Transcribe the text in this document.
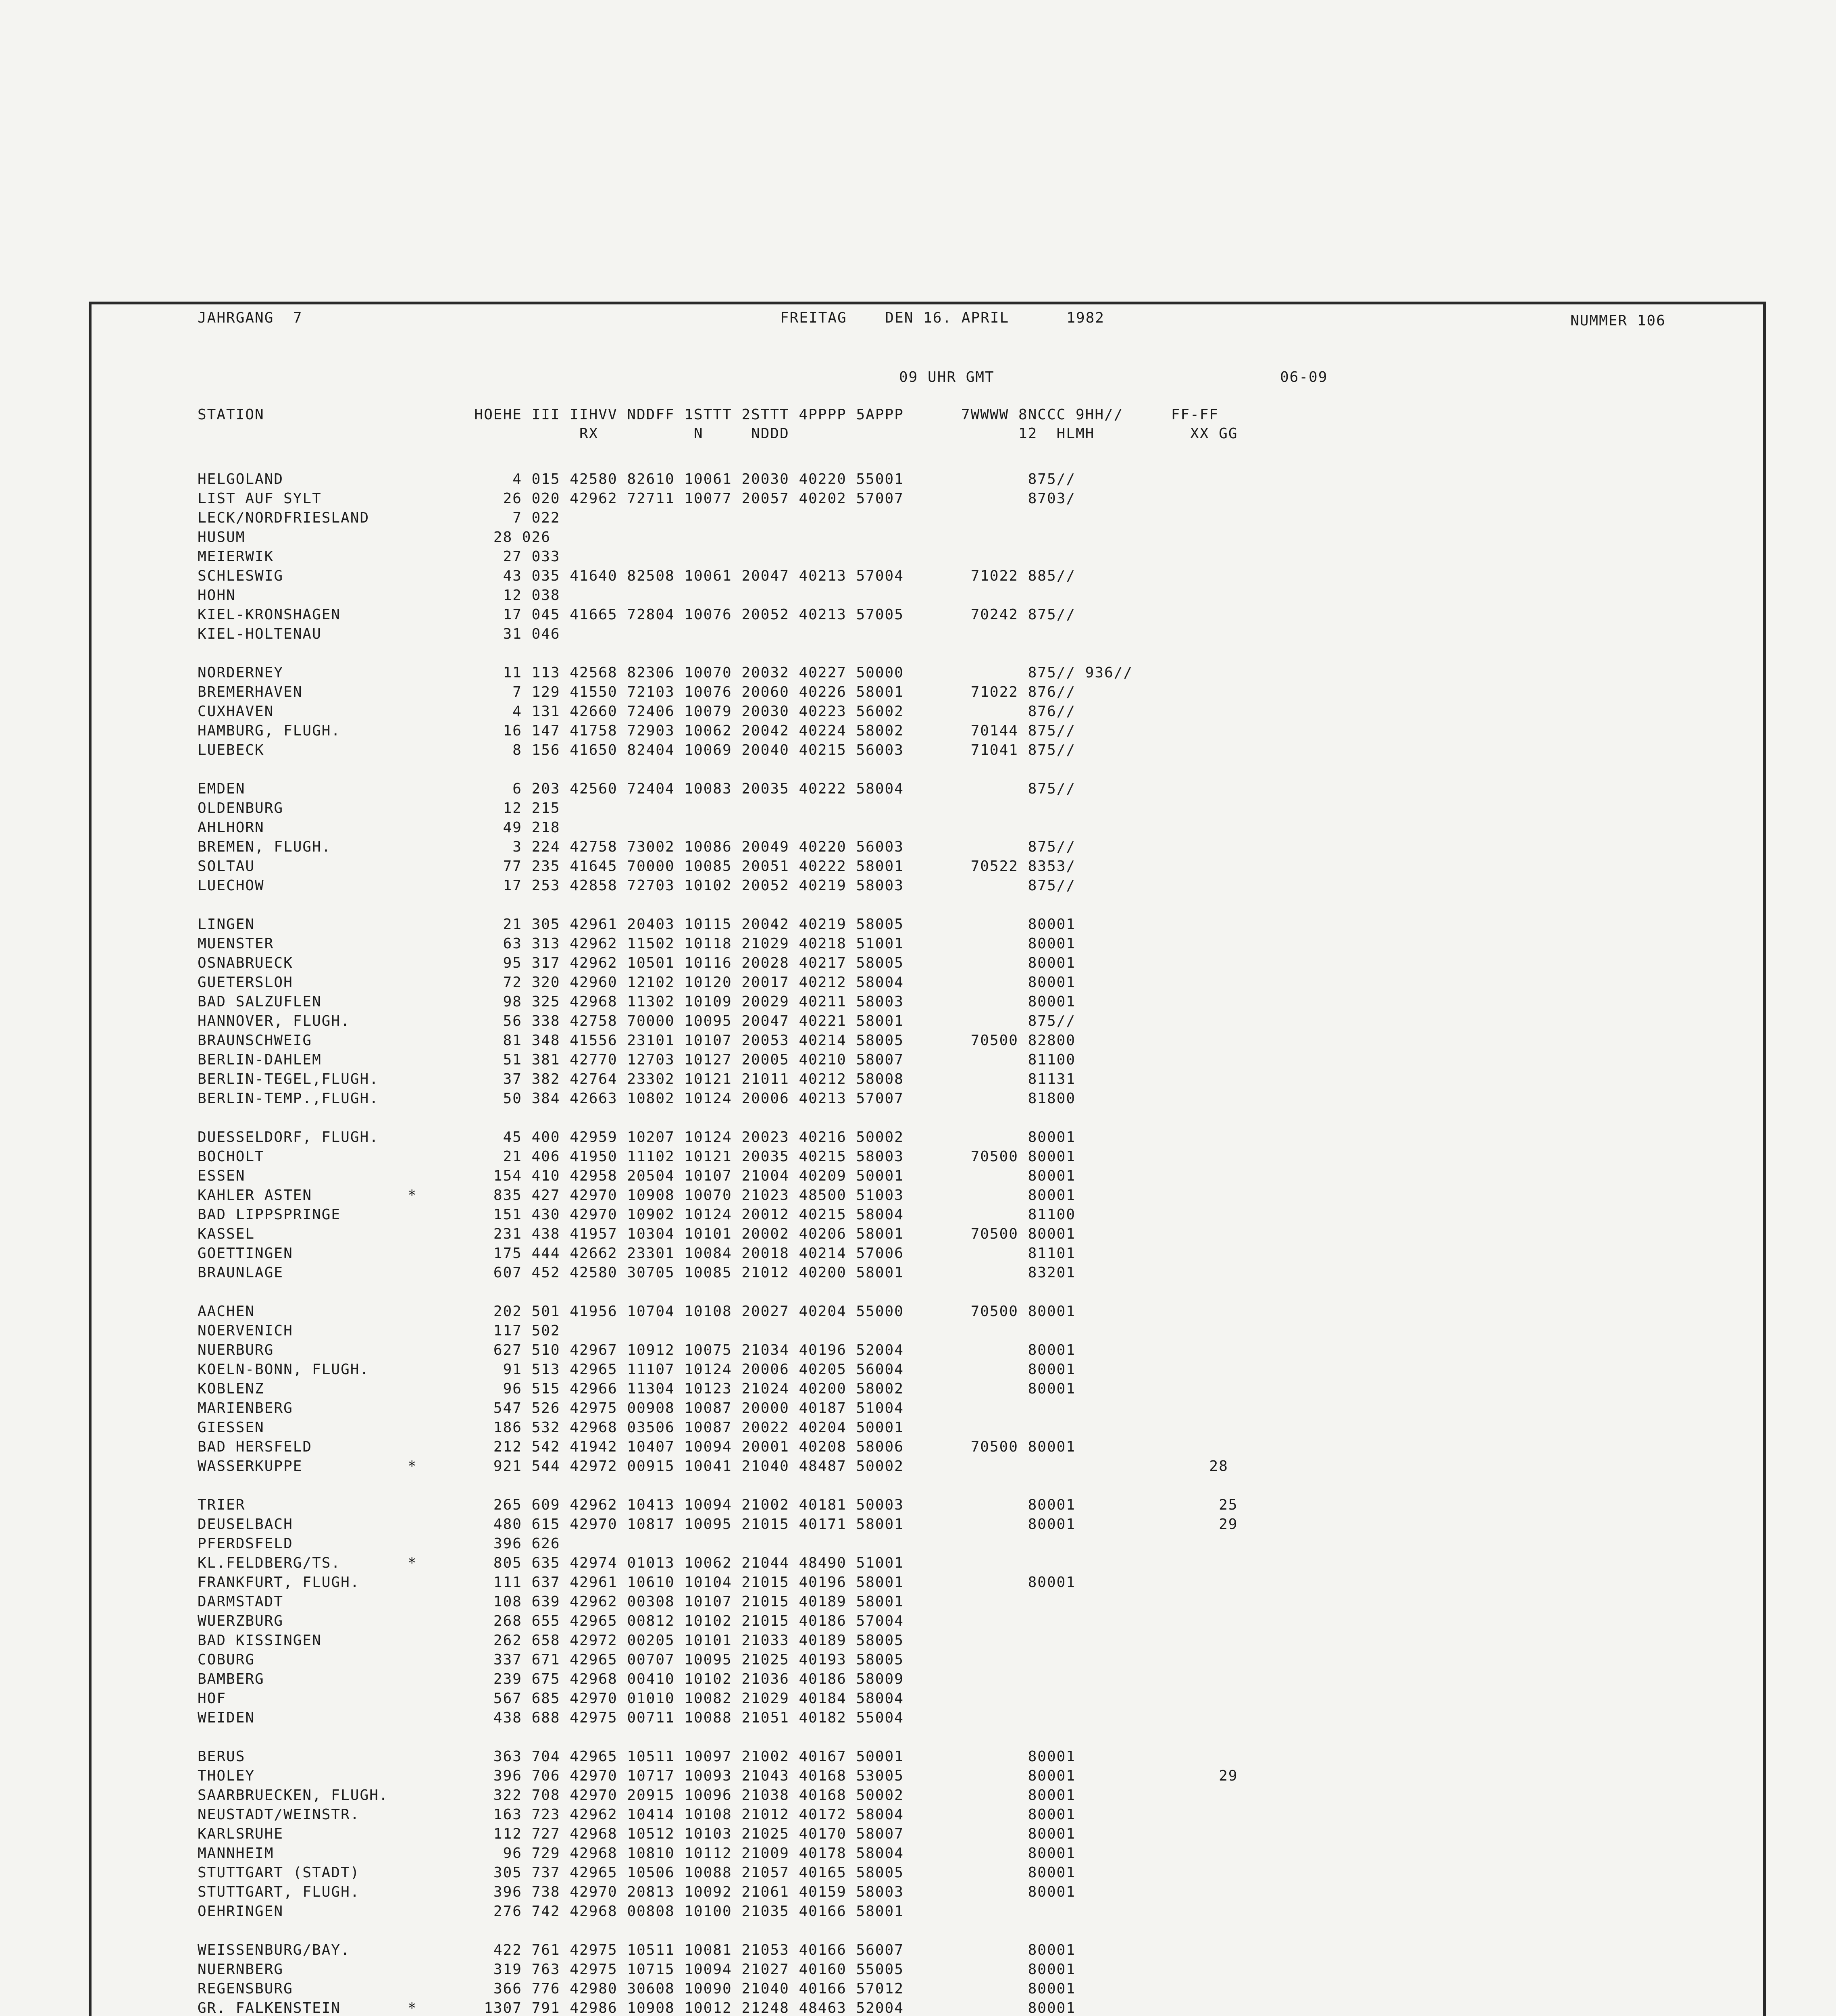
JAHRGANG  7	FREITAG    DEN 16. APRIL      1982	NUMMER 106
09 UHR GMT	06-09
STATION                      HOEHE III IIHVV NDDFF 1STTT 2STTT 4PPPP 5APPP      7WWWW 8NCCC 9HH//     FF-FF
RX          N     NDDD                        12  HLMH          XX GG
HELGOLAND                        4 015 42580 82610 10061 20030 40220 55001             875//
LIST AUF SYLT                   26 020 42962 72711 10077 20057 40202 57007             8703/
LECK/NORDFRIESLAND               7 022
HUSUM                          28 026
MEIERWIK                        27 033
SCHLESWIG                       43 035 41640 82508 10061 20047 40213 57004       71022 885//
HOHN                            12 038
KIEL-KRONSHAGEN                 17 045 41665 72804 10076 20052 40213 57005       70242 875//
KIEL-HOLTENAU                   31 046
NORDERNEY                       11 113 42568 82306 10070 20032 40227 50000             875// 936//
BREMERHAVEN                      7 129 41550 72103 10076 20060 40226 58001       71022 876//
CUXHAVEN                         4 131 42660 72406 10079 20030 40223 56002             876//
HAMBURG, FLUGH.                 16 147 41758 72903 10062 20042 40224 58002       70144 875//
LUEBECK                          8 156 41650 82404 10069 20040 40215 56003       71041 875//
EMDEN                            6 203 42560 72404 10083 20035 40222 58004             875//
OLDENBURG                       12 215
AHLHORN                         49 218
BREMEN, FLUGH.                   3 224 42758 73002 10086 20049 40220 56003             875//
SOLTAU                          77 235 41645 70000 10085 20051 40222 58001       70522 8353/
LUECHOW                         17 253 42858 72703 10102 20052 40219 58003             875//
LINGEN                          21 305 42961 20403 10115 20042 40219 58005             80001
MUENSTER                        63 313 42962 11502 10118 21029 40218 51001             80001
OSNABRUECK                      95 317 42962 10501 10116 20028 40217 58005             80001
GUETERSLOH                      72 320 42960 12102 10120 20017 40212 58004             80001
BAD SALZUFLEN                   98 325 42968 11302 10109 20029 40211 58003             80001
HANNOVER, FLUGH.                56 338 42758 70000 10095 20047 40221 58001             875//
BRAUNSCHWEIG                    81 348 41556 23101 10107 20053 40214 58005       70500 82800
BERLIN-DAHLEM                   51 381 42770 12703 10127 20005 40210 58007             81100
BERLIN-TEGEL,FLUGH.             37 382 42764 23302 10121 21011 40212 58008             81131
BERLIN-TEMP.,FLUGH.             50 384 42663 10802 10124 20006 40213 57007             81800
DUESSELDORF, FLUGH.             45 400 42959 10207 10124 20023 40216 50002             80001
BOCHOLT                         21 406 41950 11102 10121 20035 40215 58003       70500 80001
ESSEN                          154 410 42958 20504 10107 21004 40209 50001             80001
KAHLER ASTEN          *        835 427 42970 10908 10070 21023 48500 51003             80001
BAD LIPPSPRINGE                151 430 42970 10902 10124 20012 40215 58004             81100
KASSEL                         231 438 41957 10304 10101 20002 40206 58001       70500 80001
GOETTINGEN                     175 444 42662 23301 10084 20018 40214 57006             81101
BRAUNLAGE                      607 452 42580 30705 10085 21012 40200 58001             83201
AACHEN                         202 501 41956 10704 10108 20027 40204 55000       70500 80001
NOERVENICH                     117 502
NUERBURG                       627 510 42967 10912 10075 21034 40196 52004             80001
KOELN-BONN, FLUGH.              91 513 42965 11107 10124 20006 40205 56004             80001
KOBLENZ                         96 515 42966 11304 10123 21024 40200 58002             80001
MARIENBERG                     547 526 42975 00908 10087 20000 40187 51004
GIESSEN                        186 532 42968 03506 10087 20022 40204 50001
BAD HERSFELD                   212 542 41942 10407 10094 20001 40208 58006       70500 80001
WASSERKUPPE           *        921 544 42972 00915 10041 21040 48487 50002                                28
TRIER                          265 609 42962 10413 10094 21002 40181 50003             80001               25
DEUSELBACH                     480 615 42970 10817 10095 21015 40171 58001             80001               29
PFERDSFELD                     396 626
KL.FELDBERG/TS.       *        805 635 42974 01013 10062 21044 48490 51001
FRANKFURT, FLUGH.              111 637 42961 10610 10104 21015 40196 58001             80001
DARMSTADT                      108 639 42962 00308 10107 21015 40189 58001
WUERZBURG                      268 655 42965 00812 10102 21015 40186 57004
BAD KISSINGEN                  262 658 42972 00205 10101 21033 40189 58005
COBURG                         337 671 42965 00707 10095 21025 40193 58005
BAMBERG                        239 675 42968 00410 10102 21036 40186 58009
HOF                            567 685 42970 01010 10082 21029 40184 58004
WEIDEN                         438 688 42975 00711 10088 21051 40182 55004
BERUS                          363 704 42965 10511 10097 21002 40167 50001             80001
THOLEY                         396 706 42970 10717 10093 21043 40168 53005             80001               29
SAARBRUECKEN, FLUGH.           322 708 42970 20915 10096 21038 40168 50002             80001
NEUSTADT/WEINSTR.              163 723 42962 10414 10108 21012 40172 58004             80001
KARLSRUHE                      112 727 42968 10512 10103 21025 40170 58007             80001
MANNHEIM                        96 729 42968 10810 10112 21009 40178 58004             80001
STUTTGART (STADT)              305 737 42965 10506 10088 21057 40165 58005             80001
STUTTGART, FLUGH.              396 738 42970 20813 10092 21061 40159 58003             80001
OEHRINGEN                      276 742 42968 00808 10100 21035 40166 58001
WEISSENBURG/BAY.               422 761 42975 10511 10081 21053 40166 56007             80001
NUERNBERG                      319 763 42975 10715 10094 21027 40160 55005             80001
REGENSBURG                     366 776 42980 30608 10090 21040 40166 57012             80001
GR. FALKENSTEIN       *       1307 791 42986 10908 10012 21248 48463 52004             80001
